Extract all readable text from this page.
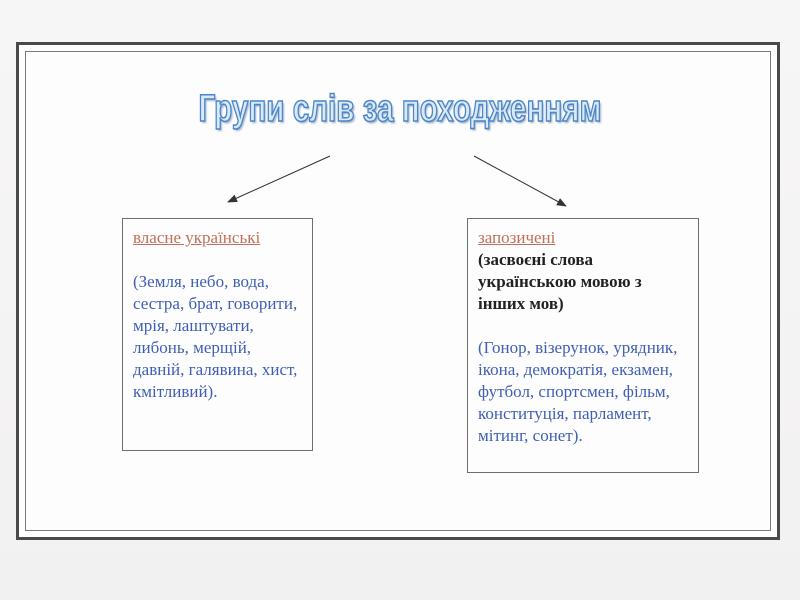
Групи слів за походженням
власне українські
(Земля, небо, вода, сестра, брат, говорити, мрія, лаштувати, либонь, мерщій, давній, галявина, хист, кмітливий).
запозичені
(засвоєні слова українською мовою з інших мов)
(Гонор, візерунок, урядник, ікона, демократія, екзамен, футбол, спортсмен, фільм, конституція, парламент, мітинг, сонет).
